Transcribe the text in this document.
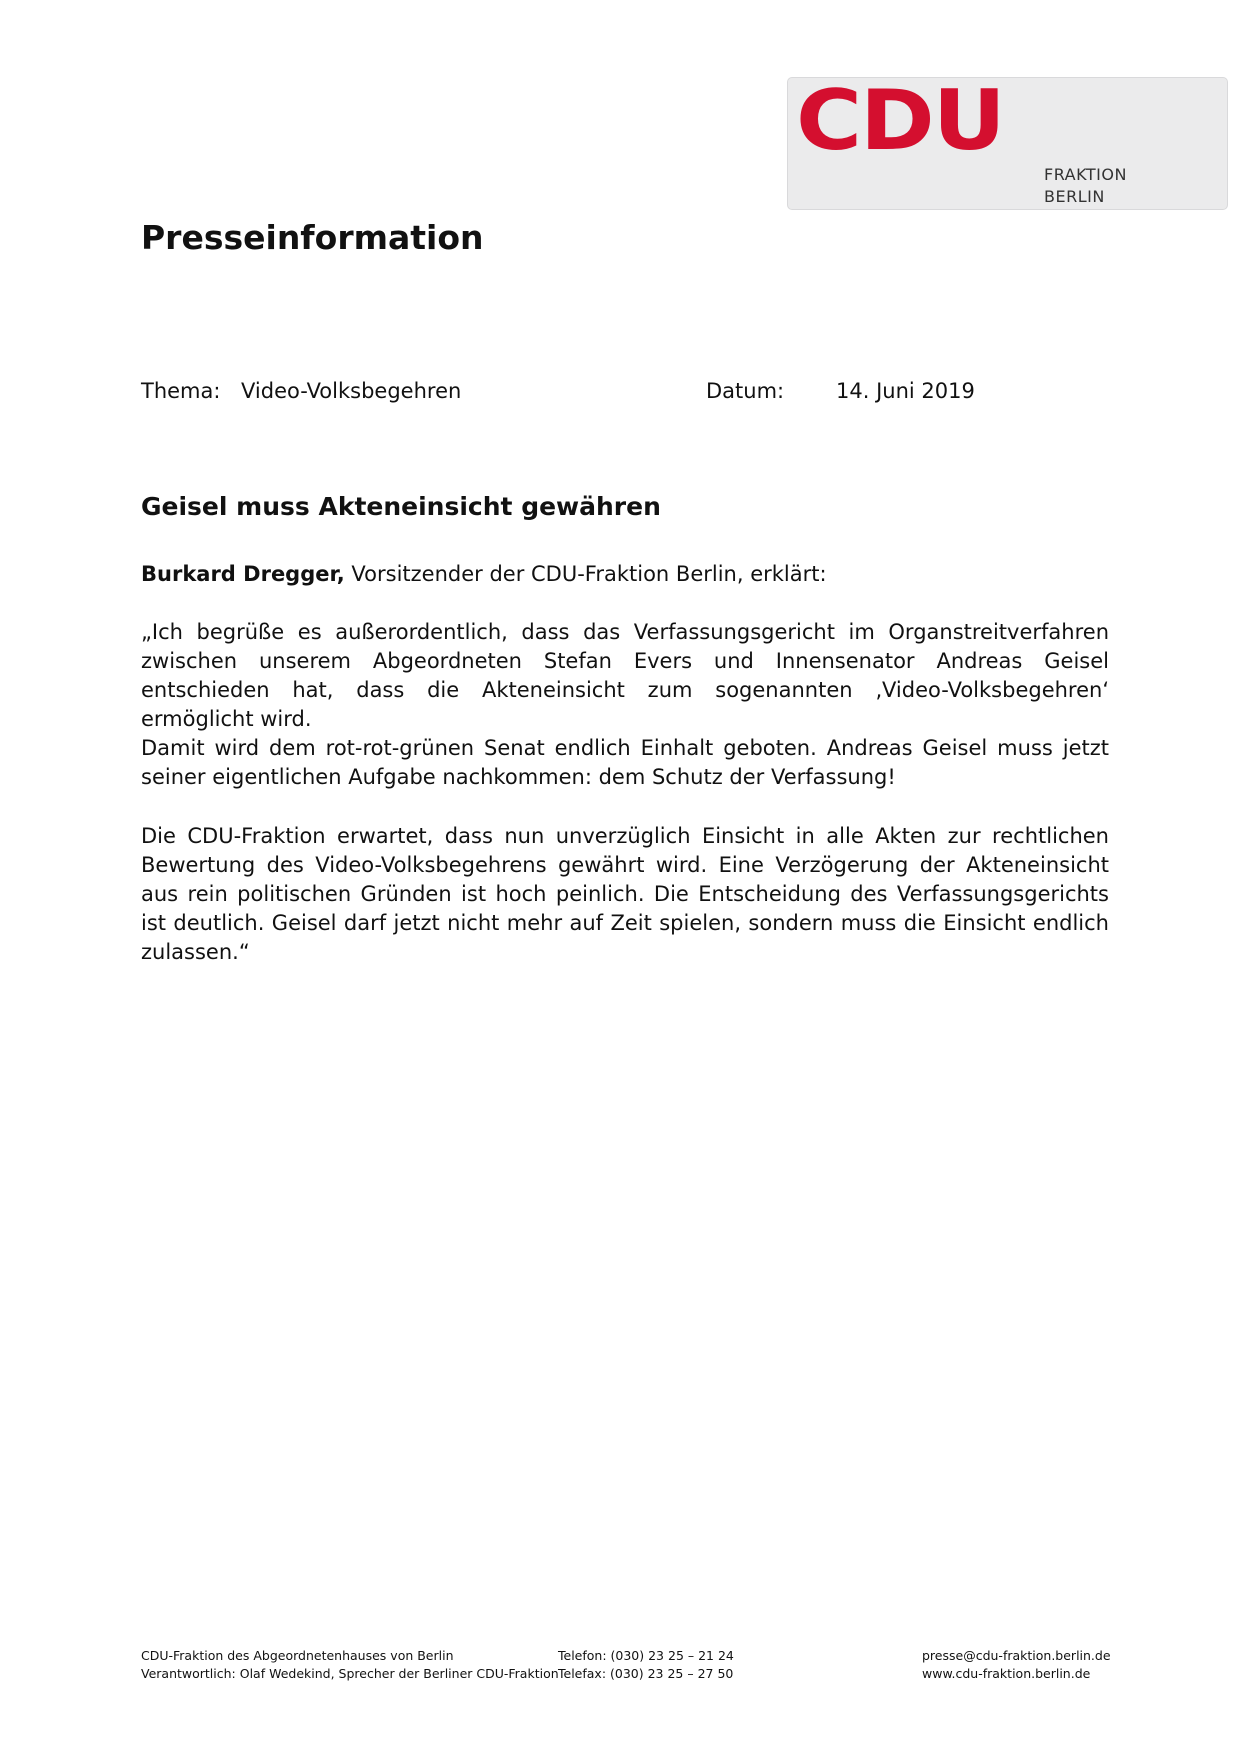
CDU
FRAKTION
BERLIN
Presseinformation
Thema: Video-Volksbegehren	Datum: 14. Juni 2019
Geisel muss Akteneinsicht gewähren

Burkard Dregger, Vorsitzender der CDU-Fraktion Berlin, erklärt:

„Ich begrüße es außerordentlich, dass das Verfassungsgericht im Organstreitverfahren zwischen unserem Abgeordneten Stefan Evers und Innensenator Andreas Geisel entschieden hat, dass die Akteneinsicht zum sogenannten ‚Video-Volksbegehren‘ ermöglicht wird.

Damit wird dem rot-rot-grünen Senat endlich Einhalt geboten. Andreas Geisel muss jetzt seiner eigentlichen Aufgabe nachkommen: dem Schutz der Verfassung!

Die CDU-Fraktion erwartet, dass nun unverzüglich Einsicht in alle Akten zur rechtlichen Bewertung des Video-Volksbegehrens gewährt wird. Eine Verzögerung der Akteneinsicht aus rein politischen Gründen ist hoch peinlich. Die Entscheidung des Verfassungsgerichts ist deutlich. Geisel darf jetzt nicht mehr auf Zeit spielen, sondern muss die Einsicht endlich zulassen.“

CDU-Fraktion des Abgeordnetenhauses von Berlin
Verantwortlich: Olaf Wedekind, Sprecher der Berliner CDU-Fraktion
Telefon: (030) 23 25 – 21 24
Telefax: (030) 23 25 – 27 50
presse@cdu-fraktion.berlin.de
www.cdu-fraktion.berlin.de
